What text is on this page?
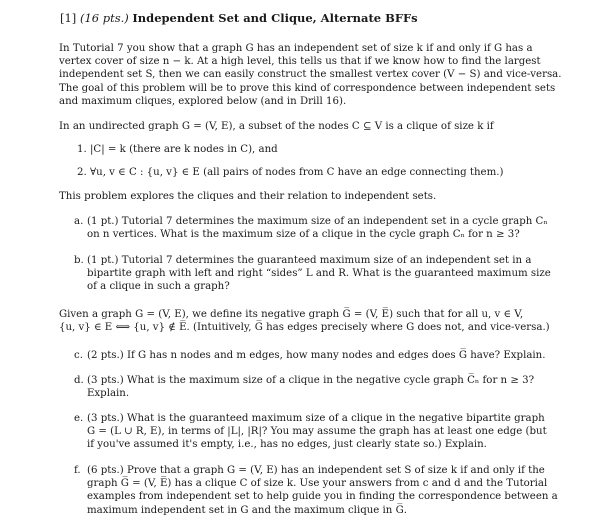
[1] (16 pts.) Independent Set and Clique, Alternate BFFs
In Tutorial 7 you show that a graph G has an independent set of size k if and only if G has a
vertex cover of size n − k. At a high level, this tells us that if we know how to find the largest
independent set S, then we can easily construct the smallest vertex cover (V − S) and vice-versa.
The goal of this problem will be to prove this kind of correspondence between independent sets
and maximum cliques, explored below (and in Drill 16).
In an undirected graph G = (V, E), a subset of the nodes C ⊆ V is a clique of size k if
1. |C| = k (there are k nodes in C), and
2. ∀u, v ∈ C : {u, v} ∈ E (all pairs of nodes from C have an edge connecting them.)
This problem explores the cliques and their relation to independent sets.
a. (1 pt.) Tutorial 7 determines the maximum size of an independent set in a cycle graph Cₙ
on n vertices. What is the maximum size of a clique in the cycle graph Cₙ for n ≥ 3?
b. (1 pt.) Tutorial 7 determines the guaranteed maximum size of an independent set in a
bipartite graph with left and right “sides” L and R. What is the guaranteed maximum size
of a clique in such a graph?
Given a graph G = (V, E), we define its negative graph G̅ = (V, E̅) such that for all u, v ∈ V,
{u, v} ∈ E ⟺ {u, v} ∉ E̅. (Intuitively, G̅ has edges precisely where G does not, and vice-versa.)
c. (2 pts.) If G has n nodes and m edges, how many nodes and edges does G̅ have? Explain.
d. (3 pts.) What is the maximum size of a clique in the negative cycle graph C̅ₙ for n ≥ 3?
Explain.
e. (3 pts.) What is the guaranteed maximum size of a clique in the negative bipartite graph
G = (L ∪ R, E), in terms of |L|, |R|? You may assume the graph has at least one edge (but
if you've assumed it's empty, i.e., has no edges, just clearly state so.) Explain.
f. (6 pts.) Prove that a graph G = (V, E) has an independent set S of size k if and only if the
graph G̅ = (V, E̅) has a clique C of size k. Use your answers from c and d and the Tutorial
examples from independent set to help guide you in finding the correspondence between a
maximum independent set in G and the maximum clique in G̅.
